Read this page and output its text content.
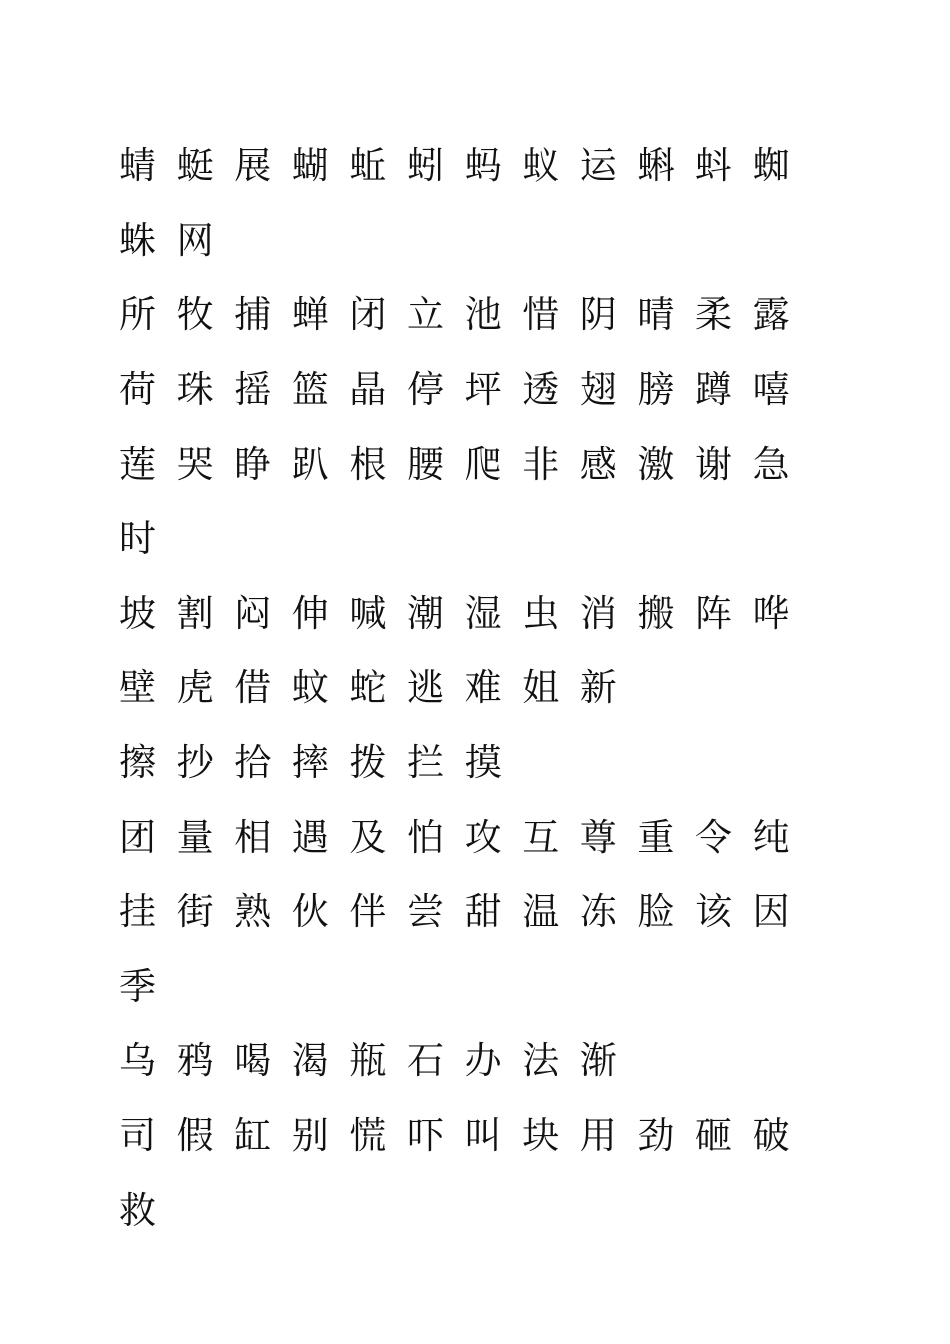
蜻蜓展蝴蚯蚓蚂蚁运蝌蚪蜘
蛛网
所牧捕蝉闭立池惜阴晴柔露
荷珠摇篮晶停坪透翅膀蹲嘻
莲哭睁趴根腰爬非感激谢急
时
坡割闷伸喊潮湿虫消搬阵哗
壁虎借蚊蛇逃难姐新
擦抄拾摔拨拦摸
团量相遇及怕攻互尊重令纯
挂街熟伙伴尝甜温冻脸该因
季
乌鸦喝渴瓶石办法渐
司假缸别慌吓叫块用劲砸破
救
